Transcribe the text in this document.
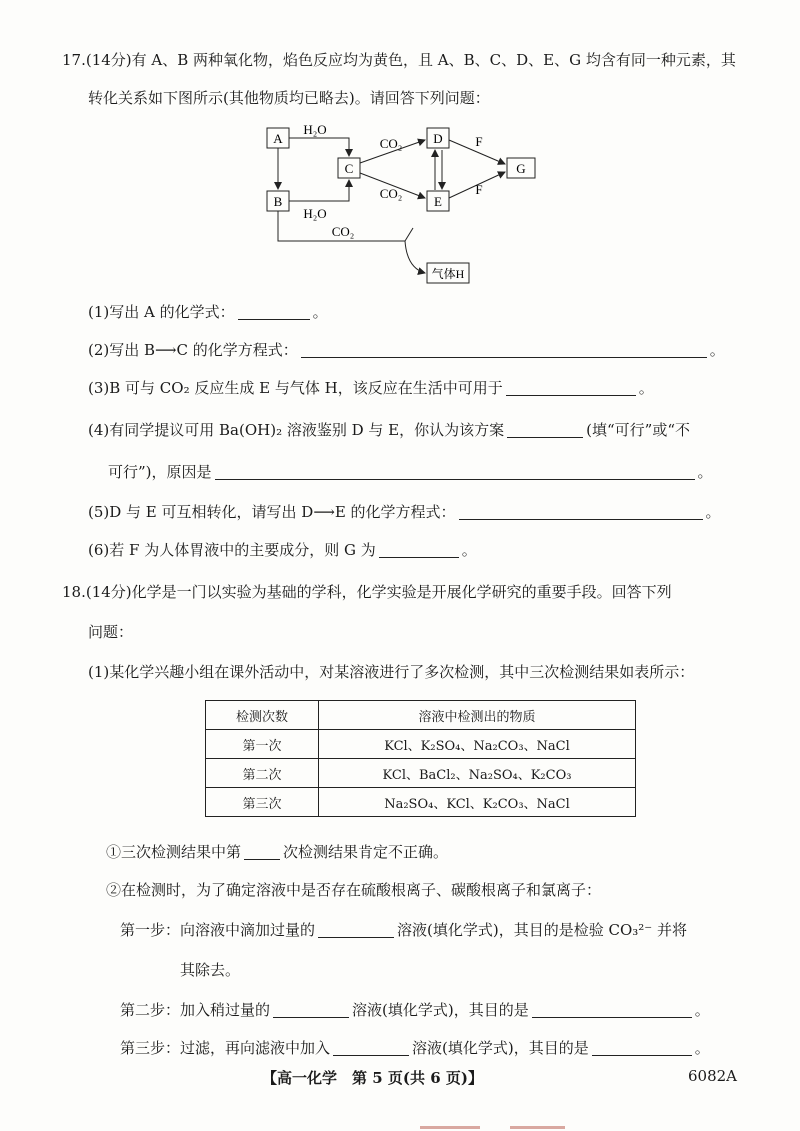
17.(14分)有 A、B 两种氧化物，焰色反应均为黄色，且 A、B、C、D、E、G 均含有同一种元素，其
转化关系如下图所示(其他物质均已略去)。请回答下列问题：
A
B
C
D
E
G
气体H
H₂O
H₂O
CO₂
CO₂
F
F
CO₂
(1)写出 A 的化学式：	。
(2)写出 B⟶C 的化学方程式：	。
(3)B 可与 CO₂ 反应生成 E 与气体 H，该反应在生活中可用于	。
(4)有同学提议可用 Ba(OH)₂ 溶液鉴别 D 与 E，你认为该方案	(填“可行”或“不
可行”)，原因是	。
(5)D 与 E 可互相转化，请写出 D⟶E 的化学方程式：	。
(6)若 F 为人体胃液中的主要成分，则 G 为	。
18.(14分)化学是一门以实验为基础的学科，化学实验是开展化学研究的重要手段。回答下列
问题：
(1)某化学兴趣小组在课外活动中，对某溶液进行了多次检测，其中三次检测结果如表所示：
检测次数	溶液中检测出的物质
第一次	KCl、K₂SO₄、Na₂CO₃、NaCl
第二次	KCl、BaCl₂、Na₂SO₄、K₂CO₃
第三次	Na₂SO₄、KCl、K₂CO₃、NaCl
①三次检测结果中第	次检测结果肯定不正确。
②在检测时，为了确定溶液中是否存在硫酸根离子、碳酸根离子和氯离子：
第一步：向溶液中滴加过量的	溶液(填化学式)，其目的是检验 CO₃²⁻ 并将
其除去。
第二步：加入稍过量的	溶液(填化学式)，其目的是	。
第三步：过滤，再向滤液中加入	溶液(填化学式)，其目的是	。
【高一化学　第 5 页(共 6 页)】	6082A
